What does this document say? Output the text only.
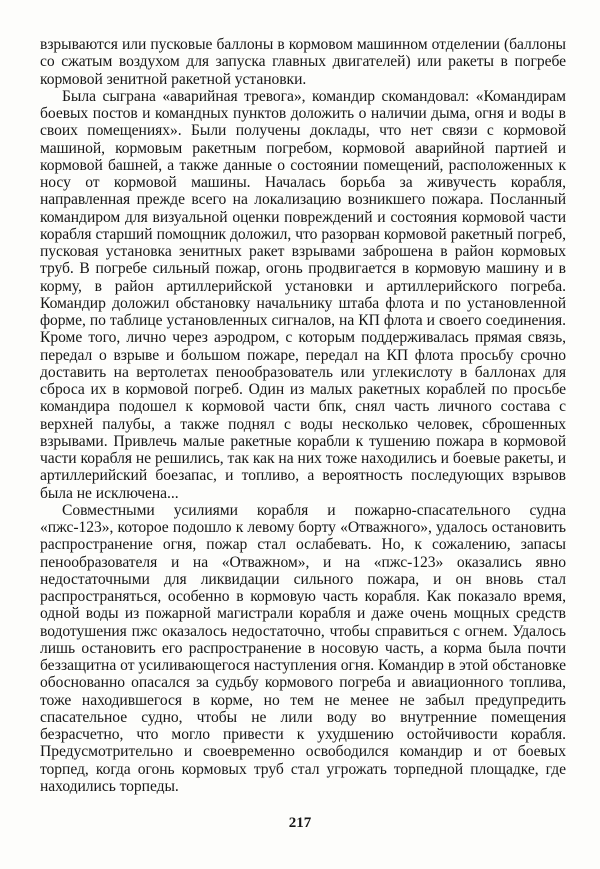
взрываются или пусковые баллоны в кормовом машинном отделении (баллоны со сжатым воздухом для запуска главных двигателей) или ракеты в погребе кормовой зенитной ракетной установки.

Была сыграна «аварийная тревога», командир скомандовал: «Командирам боевых постов и командных пунктов доложить о наличии дыма, огня и воды в своих помещениях». Были получены доклады, что нет связи с кормовой машиной, кормовым ракетным погребом, кормовой аварийной партией и кормовой башней, а также данные о состоянии помещений, расположенных к носу от кормовой машины. Началась борьба за живучесть корабля, направленная прежде всего на локализацию возникшего пожара. Посланный командиром для визуальной оценки повреждений и состояния кормовой части корабля старший помощник доложил, что разорван кормовой ракетный погреб, пусковая установка зенитных ракет взрывами заброшена в район кормовых труб. В погребе сильный пожар, огонь продвигается в кормовую машину и в корму, в район артиллерийской установки и артиллерийского погреба. Командир доложил обстановку начальнику штаба флота и по установленной форме, по таблице установленных сигналов, на КП флота и своего соединения. Кроме того, лично через аэродром, с которым поддерживалась прямая связь, передал о взрыве и большом пожаре, передал на КП флота просьбу срочно доставить на вертолетах пенообразователь или углекислоту в баллонах для сброса их в кормовой погреб. Один из малых ракетных кораблей по просьбе командира подошел к кормовой части бпк, снял часть личного состава с верхней палубы, а также поднял с воды несколько человек, сброшенных взрывами. Привлечь малые ракетные корабли к тушению пожара в кормовой части корабля не решились, так как на них тоже находились и боевые ракеты, и артиллерийский боезапас, и топливо, а вероятность последующих взрывов была не исключена...

Совместными усилиями корабля и пожарно-спасательного судна «пжс-123», которое подошло к левому борту «Отважного», удалось остановить распространение огня, пожар стал ослабевать. Но, к сожалению, запасы пенообразователя и на «Отважном», и на «пжс-123» оказались явно недостаточными для ликвидации сильного пожара, и он вновь стал распространяться, особенно в кормовую часть корабля. Как показало время, одной воды из пожарной магистрали корабля и даже очень мощных средств водотушения пжс оказалось недостаточно, чтобы справиться с огнем. Удалось лишь остановить его распространение в носовую часть, а корма была почти беззащитна от усиливающегося наступления огня. Командир в этой обстановке обоснованно опасался за судьбу кормового погреба и авиационного топлива, тоже находившегося в корме, но тем не менее не забыл предупредить спасательное судно, чтобы не лили воду во внутренние помещения безрасчетно, что могло привести к ухудшению остойчивости корабля. Предусмотрительно и своевременно освободился командир и от боевых торпед, когда огонь кормовых труб стал угрожать торпедной площадке, где находились торпеды.

217
